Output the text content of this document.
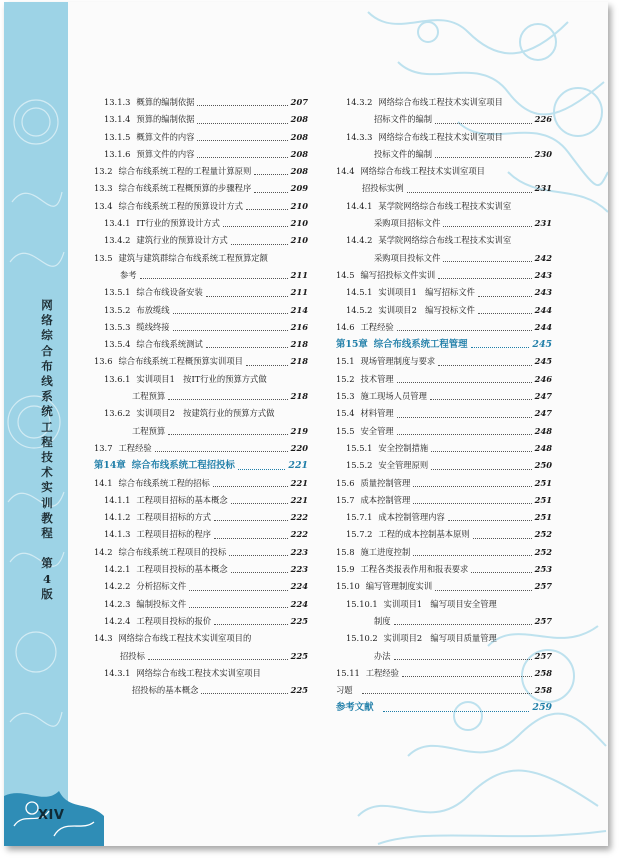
网
络
综
合
布
线
系
统
工
程
技
术
实
训
教
程

第
4
版
XIV
13.1.3 概算的编制依据	207
13.1.4 预算的编制依据	208
13.1.5 概算文件的内容	208
13.1.6 预算文件的内容	208
13.2 综合布线系统工程的工程量计算原则	208
13.3 综合布线系统工程概预算的步骤程序	209
13.4 综合布线系统工程的预算设计方式	210
13.4.1 IT行业的预算设计方式	210
13.4.2 建筑行业的预算设计方式	210
13.5 建筑与建筑群综合布线系统工程预算定额
参考	211
13.5.1 综合布线设备安装	211
13.5.2 布放缆线	214
13.5.3 缆线终接	216
13.5.4 综合布线系统测试	218
13.6 综合布线系统工程概预算实训项目	218
13.6.1 实训项目1　按IT行业的预算方式做
工程预算	218
13.6.2 实训项目2　按建筑行业的预算方式做
工程预算	219
13.7 工程经验	220
第14章 综合布线系统工程招投标	221
14.1 综合布线系统工程的招标	221
14.1.1 工程项目招标的基本概念	221
14.1.2 工程项目招标的方式	222
14.1.3 工程项目招标的程序	222
14.2 综合布线系统工程项目的投标	223
14.2.1 工程项目投标的基本概念	223
14.2.2 分析招标文件	224
14.2.3 编制投标文件	224
14.2.4 工程项目投标的报价	225
14.3 网络综合布线工程技术实训室项目的
招投标	225
14.3.1 网络综合布线工程技术实训室项目
招投标的基本概念	225
14.3.2 网络综合布线工程技术实训室项目
招标文件的编制	226
14.3.3 网络综合布线工程技术实训室项目
投标文件的编制	230
14.4 网络综合布线工程技术实训室项目
招投标实例	231
14.4.1 某学院网络综合布线工程技术实训室
采购项目招标文件	231
14.4.2 某学院网络综合布线工程技术实训室
采购项目投标文件	242
14.5 编写招投标文件实训	243
14.5.1 实训项目1　编写招标文件	243
14.5.2 实训项目2　编写投标文件	244
14.6 工程经验	244
第15章 综合布线系统工程管理	245
15.1 现场管理制度与要求	245
15.2 技术管理	246
15.3 施工现场人员管理	247
15.4 材料管理	247
15.5 安全管理	248
15.5.1 安全控制措施	248
15.5.2 安全管理原则	250
15.6 质量控制管理	251
15.7 成本控制管理	251
15.7.1 成本控制管理内容	251
15.7.2 工程的成本控制基本原则	252
15.8 施工进度控制	252
15.9 工程各类报表作用和报表要求	253
15.10 编写管理制度实训	257
15.10.1 实训项目1　编写项目安全管理
制度	257
15.10.2 实训项目2　编写项目质量管理
办法	257
15.11 工程经验	258
习题	258
参考文献	259
